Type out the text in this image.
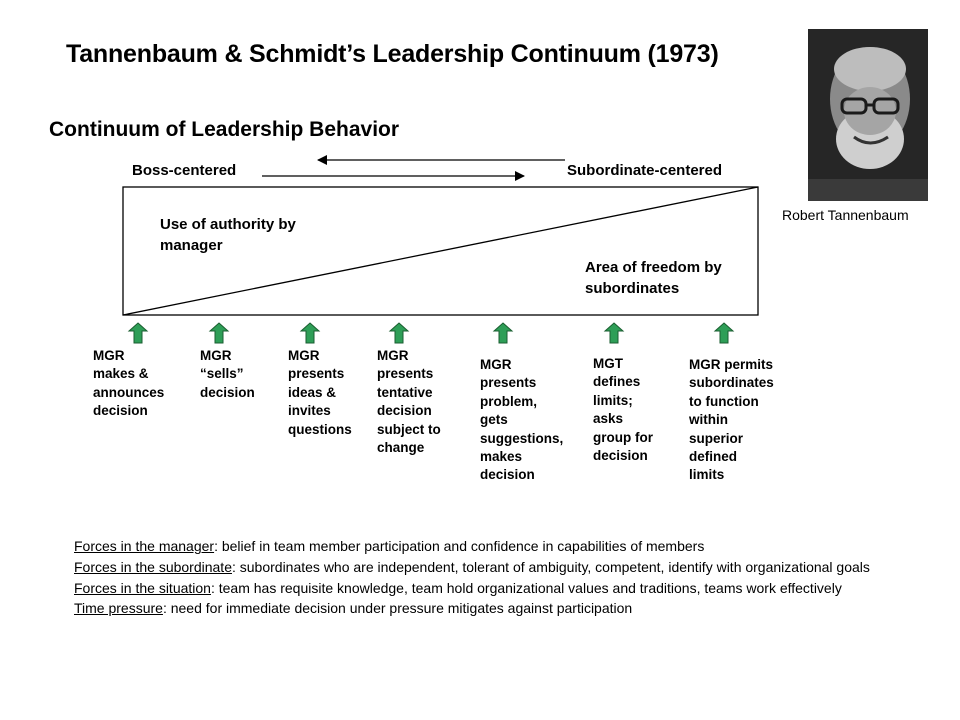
Tannenbaum & Schmidt’s Leadership Continuum (1973)
Robert Tannenbaum
Continuum of Leadership Behavior
Boss-centered	Subordinate-centered
Use of authority by manager
Area of freedom by subordinates
MGR
makes &
announces
decision
MGR
“sells”
decision
MGR
presents
ideas &
invites
questions
MGR
presents
tentative
decision
subject to
change
MGR
presents
problem,
gets
suggestions,
makes
decision
MGT
defines
limits;
asks
group for
decision
MGR permits
subordinates
to function
within
superior
defined
limits

Forces in the manager: belief in team member participation and confidence in capabilities of members

Forces in the subordinate: subordinates who are independent, tolerant of ambiguity, competent, identify with organizational goals

Forces in the situation: team has requisite knowledge, team hold organizational values and traditions, teams work effectively

Time pressure: need for immediate decision under pressure mitigates against participation
